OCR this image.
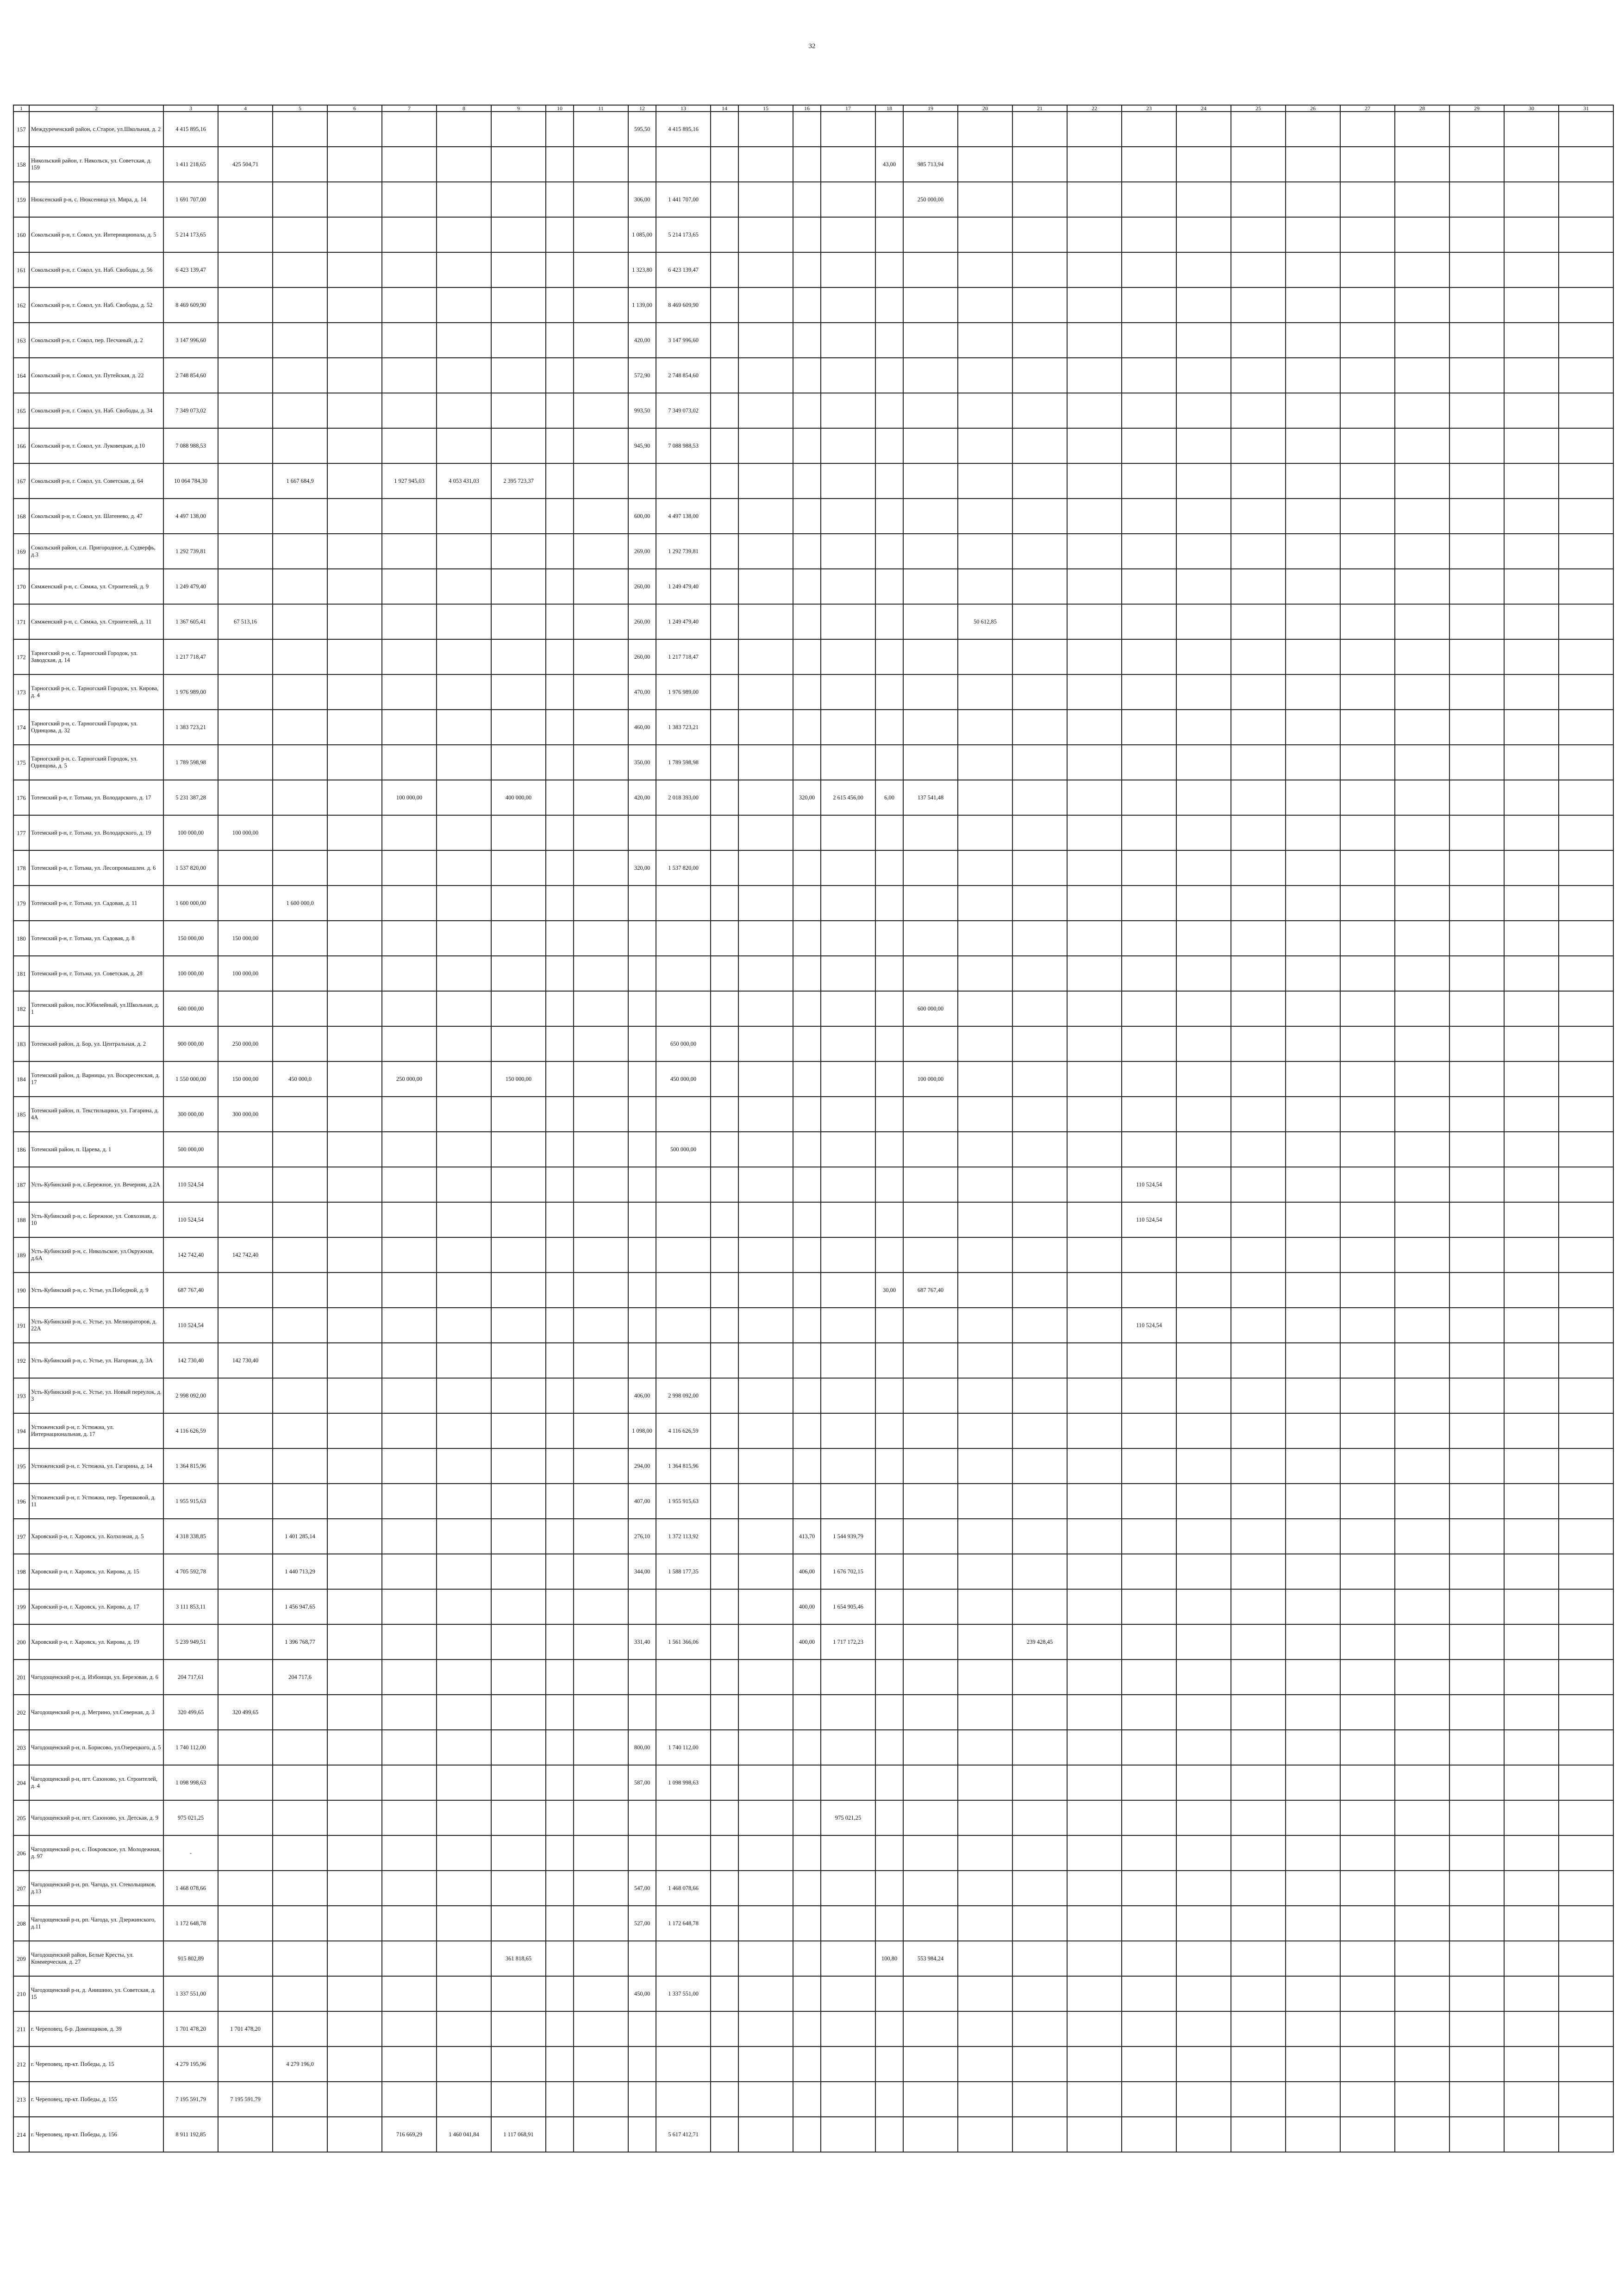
32
1	2	3	4	5	6	7	8	9	10	11	12	13	14	15	16	17	18	19	20	21	22	23	24	25	26	27	28	29	30	31
157	Междуреченский район, с.Старое, ул.Школьная, д. 2	4 415 895,16									595,50	4 415 895,16																		
158	Никольский район, г. Никольск, ул. Советская, д. 159	1 411 218,65	425 504,71														43,00	985 713,94												
159	Нюксенский р-н, с. Нюксеница ул. Мира, д. 14	1 691 707,00									306,00	1 441 707,00						250 000,00												
160	Сокольский р-н, г. Сокол, ул. Интернационала, д. 5	5 214 173,65									1 085,00	5 214 173,65																		
161	Сокольский р-н, г. Сокол, ул. Наб. Свободы, д. 56	6 423 139,47									1 323,80	6 423 139,47																		
162	Сокольский р-н, г. Сокол, ул. Наб. Свободы, д. 52	8 469 609,90									1 139,00	8 469 609,90																		
163	Сокольский р-н, г. Сокол, пер. Песчаный, д. 2	3 147 996,60									420,00	3 147 996,60																		
164	Сокольский р-н, г. Сокол, ул. Путейская, д. 22	2 748 854,60									572,90	2 748 854,60																		
165	Сокольский р-н, г. Сокол, ул. Наб. Свободы, д. 34	7 349 073,02									993,50	7 349 073,02																		
166	Сокольский р-н, г. Сокол, ул. Луковецкая, д.10	7 088 988,53									945,90	7 088 988,53																		
167	Сокольский р-н, г. Сокол, ул. Советская, д. 64	10 064 784,30		1 667 684,9		1 927 945,03	4 053 431,03	2 395 723,37																						
168	Сокольский р-н, г. Сокол, ул. Шатенево, д. 47	4 497 138,00									600,00	4 497 138,00																		
169	Сокольский район, с.п. Пригородное, д. Судверфь, д.3	1 292 739,81									269,00	1 292 739,81																		
170	Сямженский р-н, с. Сямжа, ул. Строителей, д. 9	1 249 479,40									260,00	1 249 479,40																		
171	Сямженский р-н, с. Сямжа, ул. Строителей, д. 11	1 367 605,41	67 513,16								260,00	1 249 479,40							50 612,85											
172	Тарногский р-н, с. Тарногский Городок, ул. Заводская, д. 14	1 217 718,47									260,00	1 217 718,47																		
173	Тарногский р-н, с. Тарногский Городок, ул. Кирова, д. 4	1 976 989,00									470,00	1 976 989,00																		
174	Тарногский р-н, с. Тарногский Городок, ул. Одинцова, д. 32	1 383 723,21									460,00	1 383 723,21																		
175	Тарногский р-н, с. Тарногский Городок, ул. Одинцова, д. 5	1 789 598,98									350,00	1 789 598,98																		
176	Тотемский р-н, г. Тотьма, ул. Володарского, д. 17	5 231 387,28				100 000,00		400 000,00			420,00	2 018 393,00			320,00	2 615 456,00	6,00	137 541,48												
177	Тотемский р-н, г. Тотьма, ул. Володарского, д. 19	100 000,00	100 000,00																											
178	Тотемский р-н, г. Тотьма, ул. Лесопромышлен. д. 6	1 537 820,00									320,00	1 537 820,00																		
179	Тотемский р-н, г. Тотьма, ул. Садовая, д. 11	1 600 000,00		1 600 000,0																										
180	Тотемский р-н, г. Тотьма, ул. Садовая, д. 8	150 000,00	150 000,00																											
181	Тотемский р-н, г. Тотьма, ул. Советская, д. 28	100 000,00	100 000,00																											
182	Тотемский район, пос.Юбилейный, ул.Школьная, д. 1	600 000,00																600 000,00												
183	Тотемский район, д. Бор, ул. Центральная, д. 2	900 000,00	250 000,00									650 000,00																		
184	Тотемский район, д. Варницы, ул. Воскресенская, д. 17	1 550 000,00	150 000,00	450 000,0		250 000,00		150 000,00				450 000,00						100 000,00												
185	Тотемский район, п. Текстильщики, ул. Гагарина, д. 4А	300 000,00	300 000,00																											
186	Тотемский район, п. Царева, д. 1	500 000,00										500 000,00																		
187	Усть-Кубинский р-н, с.Бережное, ул. Вечерняя, д.2А	110 524,54																				110 524,54								
188	Усть-Кубинский р-н, с. Бережное, ул. Совхозная, д. 10	110 524,54																				110 524,54								
189	Усть-Кубинский р-н, с. Никольское, ул.Окружная, д.6А	142 742,40	142 742,40																											
190	Усть-Кубинский р-н, с. Устье, ул.Победной, д. 9	687 767,40															30,00	687 767,40												
191	Усть-Кубинский р-н, с. Устье, ул. Мелиораторов, д. 22А	110 524,54																				110 524,54								
192	Усть-Кубинский р-н, с. Устье, ул. Нагорная, д. 3А	142 730,40	142 730,40																											
193	Усть-Кубинский р-н, с. Устье, ул. Новый переулок, д. 3	2 998 092,00									406,00	2 998 092,00																		
194	Устюженский р-н, г. Устюжна, ул. Интернациональная, д. 17	4 116 626,59									1 098,00	4 116 626,59																		
195	Устюженский р-н, г. Устюжна, ул. Гагарина, д. 14	1 364 815,96									294,00	1 364 815,96																		
196	Устюженский р-н, г. Устюжна, пер. Терешковой, д. 11	1 955 915,63									407,00	1 955 915,63																		
197	Харовский р-н, г. Харовск, ул. Колхозная, д. 5	4 318 338,85		1 401 285,14							276,10	1 372 113,92			413,70	1 544 939,79														
198	Харовский р-н, г. Харовск, ул. Кирова, д. 15	4 705 592,78		1 440 713,29							344,00	1 588 177,35			406,00	1 676 702,15														
199	Харовский р-н, г. Харовск, ул. Кирова, д. 17	3 111 853,11		1 456 947,65											400,00	1 654 905,46														
200	Харовский р-н, г. Харовск, ул. Кирова, д. 19	5 239 949,51		1 396 768,77							331,40	1 561 366,06			400,00	1 717 172,23				239 428,45										
201	Чагодощенский р-н, д. Избоищи, ул. Березовая, д. 6	204 717,61		204 717,6																										
202	Чагодощенский р-н, д. Мегрино, ул.Северная, д. 3	320 499,65	320 499,65																											
203	Чагодощенский р-н, п. Борисово, ул.Озерецкого, д. 5	1 740 112,00									800,00	1 740 112,00																		
204	Чагодощенский р-н, пгт. Сазоново, ул. Строителей, д. 4	1 098 998,63									587,00	1 098 998,63																		
205	Чагодощенский р-н, пгт. Сазоново, ул. Детская, д. 9	975 021,25														975 021,25														
206	Чагодощенский р-н, с. Покровское, ул. Молодежная, д. 97	-																												
207	Чагодощенский р-н, рп. Чагода, ул. Стекольщиков, д.13	1 468 078,66									547,00	1 468 078,66																		
208	Чагодощенский р-н, рп. Чагода, ул. Дзержинского, д.11	1 172 648,78									527,00	1 172 648,78																		
209	Чагодощенский район, Белые Кресты, ул. Коммерческая, д. 27	915 802,89						361 818,65									100,80	553 984,24												
210	Чагодощенский р-н, д. Анишино, ул. Советская, д. 15	1 337 551,00									450,00	1 337 551,00																		
211	г. Череповец, б-р. Доменщиков, д. 39	1 701 478,20	1 701 478,20																											
212	г. Череповец, пр-кт. Победы, д. 15	4 279 195,96		4 279 196,0																										
213	г. Череповец, пр-кт. Победы, д. 155	7 195 591,79	7 195 591,79																											
214	г. Череповец, пр-кт. Победы, д. 156	8 911 192,85				716 669,29	1 460 041,84	1 117 068,91				5 617 412,71																		
